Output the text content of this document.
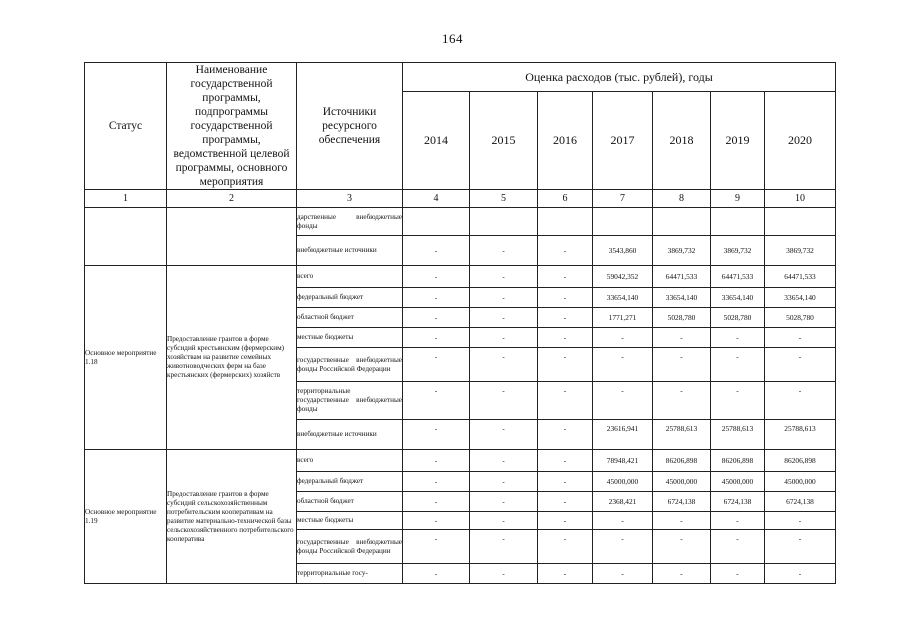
164
Статус	Наименование государственной программы, подпрограммы государственной программы, ведомственной целевой программы, основного мероприятия	Источники ресурсного обеспечения	Оценка расходов (тыс. рублей), годы						
			2014	2015	2016	2017	2018	2019	2020
1	2	3	4	5	6	7	8	9	10
		дарственные внебюджетные фонды							
		внебюджетные источники	-	-	-	3543,860	3869,732	3869,732	3869,732
Основное мероприятие 1.18	Предоставление грантов в форме субсидий крестьянским (фермерским) хозяйствам на развитие семейных животноводческих ферм на базе крестьянских (фермерских) хозяйств	всего	-	-	-	59042,352	64471,533	64471,533	64471,533
		федеральный бюджет	-	-	-	33654,140	33654,140	33654,140	33654,140
		областной бюджет	-	-	-	1771,271	5028,780	5028,780	5028,780
		местные бюджеты	-	-	-	-	-	-	-
		государственные внебюджетные фонды Российской Федерации	-	-	-	-	-	-	-
		территориальные государственные внебюджетные фонды	-	-	-	-	-	-	-
		внебюджетные источники	-	-	-	23616,941	25788,613	25788,613	25788,613
Основное мероприятие 1.19	Предоставление грантов в форме субсидий сельскохозяйственным потребительским кооперативам на развитие материально-технической базы сельскохозяйственного потребительского кооператива	всего	-	-	-	78948,421	86206,898	86206,898	86206,898
		федеральный бюджет	-	-	-	45000,000	45000,000	45000,000	45000,000
		областной бюджет	-	-	-	2368,421	6724,138	6724,138	6724,138
		местные бюджеты	-	-	-	-	-	-	-
		государственные внебюджетные фонды Российской Федерации	-	-	-	-	-	-	-
		территориальные госу-	-	-	-	-	-	-	-
